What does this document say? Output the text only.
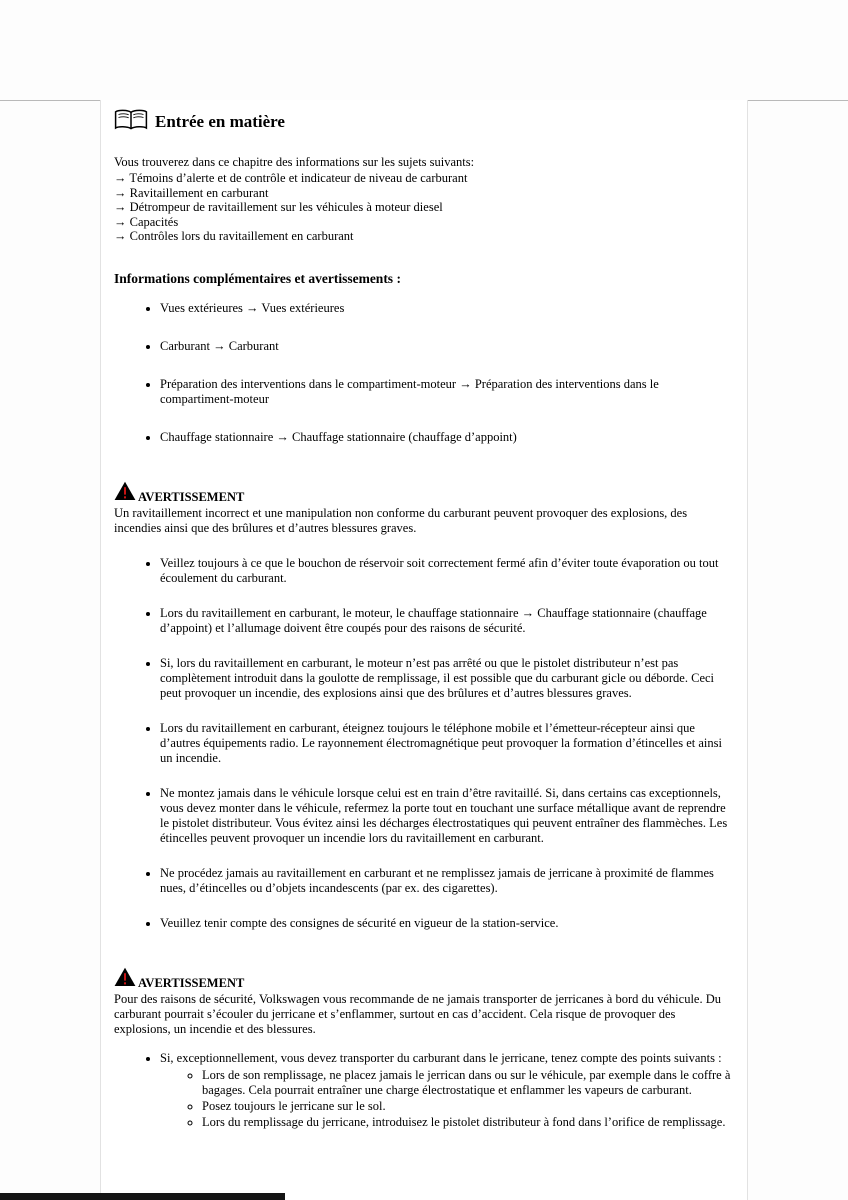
Entrée en matière

Vous trouverez dans ce chapitre des informations sur les sujets suivants:

→ Témoins d’alerte et de contrôle et indicateur de niveau de carburant
→ Ravitaillement en carburant
→ Détrompeur de ravitaillement sur les véhicules à moteur diesel
→ Capacités
→ Contrôles lors du ravitaillement en carburant
Informations complémentaires et avertissements :
• Vues extérieures → Vues extérieures
• Carburant → Carburant
• Préparation des interventions dans le compartiment-moteur → Préparation des interventions dans le compartiment-moteur
• Chauffage stationnaire → Chauffage stationnaire (chauffage d’appoint)
AVERTISSEMENT

Un ravitaillement incorrect et une manipulation non conforme du carburant peuvent provoquer des explosions, des incendies ainsi que des brûlures et d’autres blessures graves.

• Veillez toujours à ce que le bouchon de réservoir soit correctement fermé afin d’éviter toute évaporation ou tout écoulement du carburant.
• Lors du ravitaillement en carburant, le moteur, le chauffage stationnaire → Chauffage stationnaire (chauffage d’appoint) et l’allumage doivent être coupés pour des raisons de sécurité.
• Si, lors du ravitaillement en carburant, le moteur n’est pas arrêté ou que le pistolet distributeur n’est pas complètement introduit dans la goulotte de remplissage, il est possible que du carburant gicle ou déborde. Ceci peut provoquer un incendie, des explosions ainsi que des brûlures et d’autres blessures graves.
• Lors du ravitaillement en carburant, éteignez toujours le téléphone mobile et l’émetteur-récepteur ainsi que d’autres équipements radio. Le rayonnement électromagnétique peut provoquer la formation d’étincelles et ainsi un incendie.
• Ne montez jamais dans le véhicule lorsque celui est en train d’être ravitaillé. Si, dans certains cas exceptionnels, vous devez monter dans le véhicule, refermez la porte tout en touchant une surface métallique avant de reprendre le pistolet distributeur. Vous évitez ainsi les décharges électrostatiques qui peuvent entraîner des flammèches. Les étincelles peuvent provoquer un incendie lors du ravitaillement en carburant.
• Ne procédez jamais au ravitaillement en carburant et ne remplissez jamais de jerricane à proximité de flammes nues, d’étincelles ou d’objets incandescents (par ex. des cigarettes).
• Veuillez tenir compte des consignes de sécurité en vigueur de la station-service.
AVERTISSEMENT

Pour des raisons de sécurité, Volkswagen vous recommande de ne jamais transporter de jerricanes à bord du véhicule. Du carburant pourrait s’écouler du jerricane et s’enflammer, surtout en cas d’accident. Cela risque de provoquer des explosions, un incendie et des blessures.

• Si, exceptionnellement, vous devez transporter du carburant dans le jerricane, tenez compte des points suivants :
◦ Lors de son remplissage, ne placez jamais le jerrican dans ou sur le véhicule, par exemple dans le coffre à bagages. Cela pourrait entraîner une charge électrostatique et enflammer les vapeurs de carburant.
◦ Posez toujours le jerricane sur le sol.
◦ Lors du remplissage du jerricane, introduisez le pistolet distributeur à fond dans l’orifice de remplissage.
